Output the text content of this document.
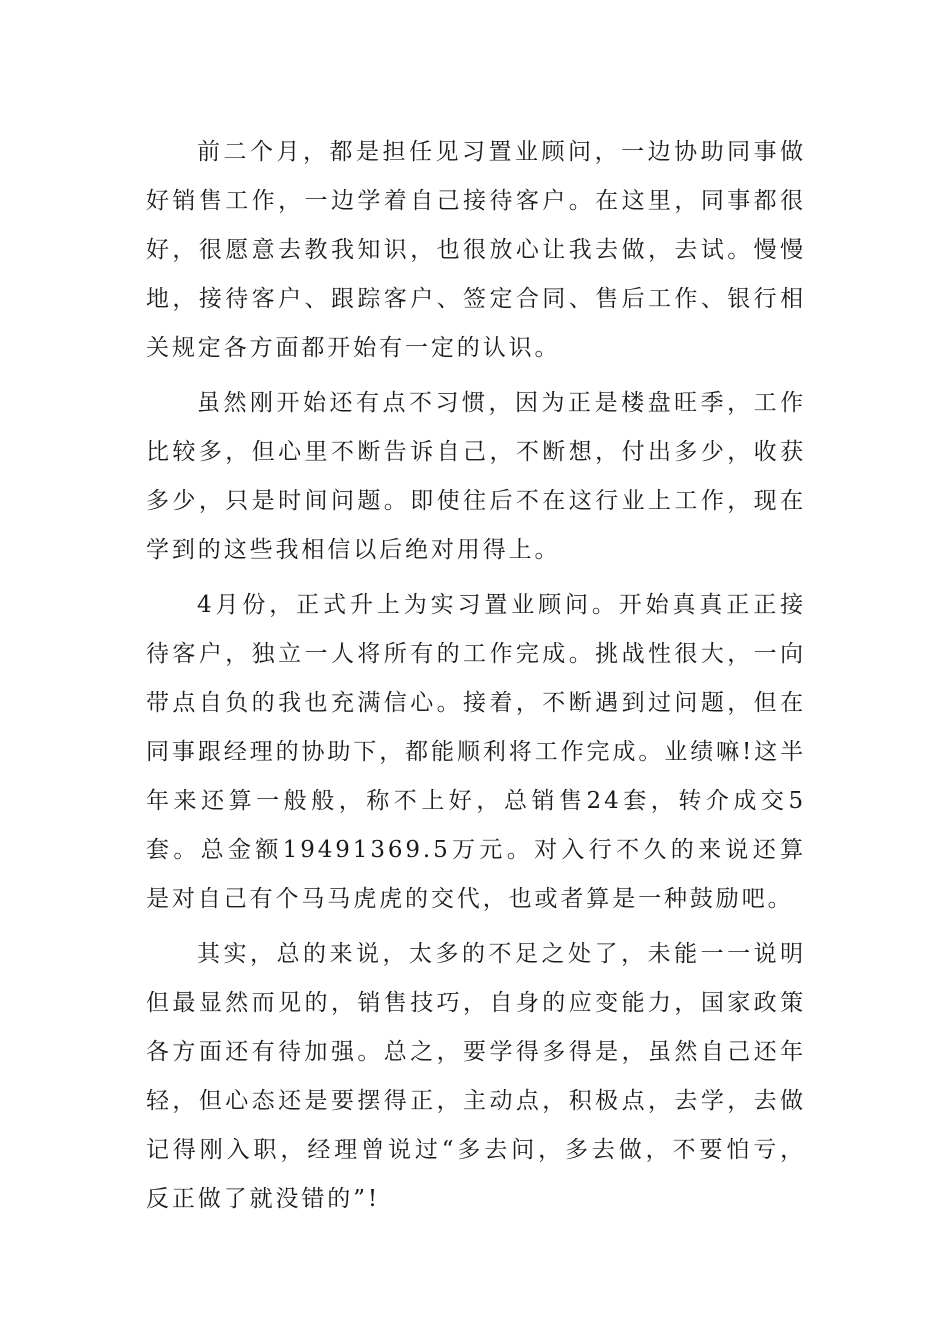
前二个月，都是担任见习置业顾问，一边协助同事做好销售工作，一边学着自己接待客户。在这里，同事都很好，很愿意去教我知识，也很放心让我去做，去试。慢慢地，接待客户、跟踪客户、签定合同、售后工作、银行相关规定各方面都开始有一定的认识。

虽然刚开始还有点不习惯，因为正是楼盘旺季，工作比较多，但心里不断告诉自己，不断想，付出多少，收获多少，只是时间问题。即使往后不在这行业上工作，现在学到的这些我相信以后绝对用得上。

4月份，正式升上为实习置业顾问。开始真真正正接待客户，独立一人将所有的工作完成。挑战性很大，一向带点自负的我也充满信心。接着，不断遇到过问题，但在同事跟经理的协助下，都能顺利将工作完成。业绩嘛!这半年来还算一般般，称不上好，总销售24套，转介成交5套。总金额19491369.5万元。对入行不久的来说还算是对自己有个马马虎虎的交代，也或者算是一种鼓励吧。

其实，总的来说，太多的不足之处了，未能一一说明但最显然而见的，销售技巧，自身的应变能力，国家政策各方面还有待加强。总之，要学得多得是，虽然自己还年轻，但心态还是要摆得正，主动点，积极点，去学，去做记得刚入职，经理曾说过“多去问，多去做，不要怕亏，反正做了就没错的”!
